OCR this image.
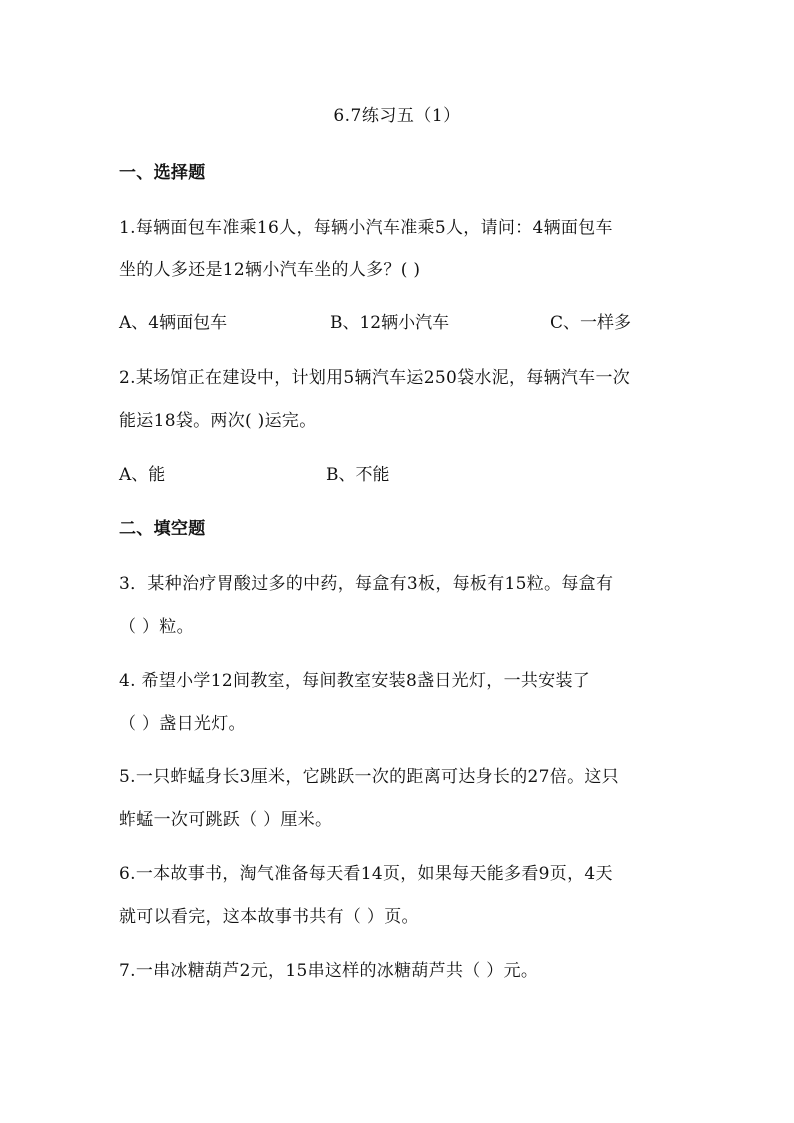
6.7练习五（1）
一、选择题
1.每辆面包车准乘16人，每辆小汽车准乘5人，请问：4辆面包车
坐的人多还是12辆小汽车坐的人多？( )
A、4辆面包车	B、12辆小汽车	C、一样多
2.某场馆正在建设中，计划用5辆汽车运250袋水泥，每辆汽车一次
能运18袋。两次( )运完。
A、能	B、不能
二、填空题
3．某种治疗胃酸过多的中药，每盒有3板，每板有15粒。每盒有
（ ）粒。
4. 希望小学12间教室，每间教室安装8盏日光灯，一共安装了
（ ）盏日光灯。
5.一只蚱蜢身长3厘米，它跳跃一次的距离可达身长的27倍。这只
蚱蜢一次可跳跃（ ）厘米。
6.一本故事书，淘气准备每天看14页，如果每天能多看9页，4天
就可以看完，这本故事书共有（ ）页。
7.一串冰糖葫芦2元，15串这样的冰糖葫芦共（ ）元。
